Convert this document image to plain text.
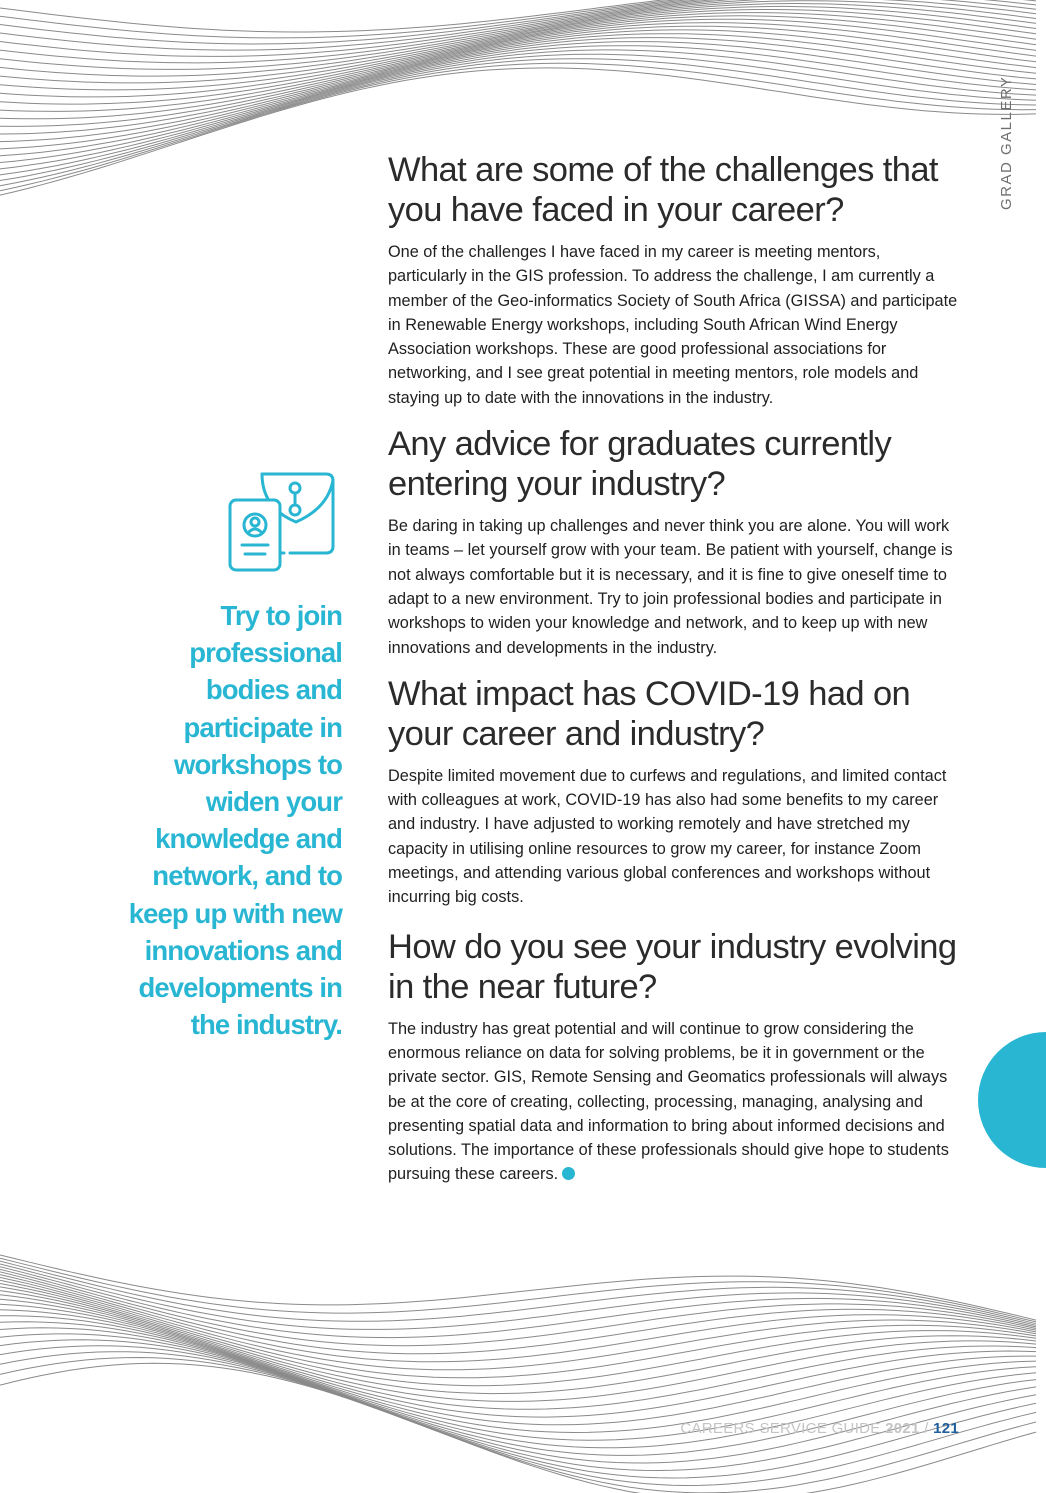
GRAD GALLERY
Try to join professional bodies and participate in workshops to widen your knowledge and network, and to keep up with new innovations and developments in the industry.
What are some of the challenges that you have faced in your career?

One of the challenges I have faced in my career is meeting mentors, particularly in the GIS profession. To address the challenge, I am currently a member of the Geo-informatics Society of South Africa (GISSA) and participate in Renewable Energy workshops, including South African Wind Energy Association workshops. These are good professional associations for networking, and I see great potential in meeting mentors, role models and staying up to date with the innovations in the industry.

Any advice for graduates currently entering your industry?

Be daring in taking up challenges and never think you are alone. You will work in teams – let yourself grow with your team. Be patient with yourself, change is not always comfortable but it is necessary, and it is fine to give oneself time to adapt to a new environment. Try to join professional bodies and participate in workshops to widen your knowledge and network, and to keep up with new innovations and developments in the industry.

What impact has COVID-19 had on your career and industry?

Despite limited movement due to curfews and regulations, and limited contact with colleagues at work, COVID-19 has also had some benefits to my career and industry. I have adjusted to working remotely and have stretched my capacity in utilising online resources to grow my career, for instance Zoom meetings, and attending various global conferences and workshops without incurring big costs.

How do you see your industry evolving in the near future?

The industry has great potential and will continue to grow considering the enormous reliance on data for solving problems, be it in government or the private sector. GIS, Remote Sensing and Geomatics professionals will always be at the core of creating, collecting, processing, managing, analysing and presenting spatial data and information to bring about informed decisions and solutions. The importance of these professionals should give hope to students pursuing these careers.

CAREERS SERVICE GUIDE 2021 / 121
